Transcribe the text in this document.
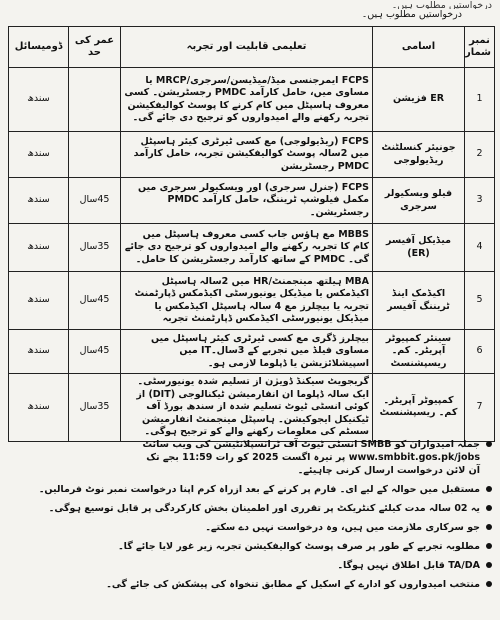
درخواستیں مطلوب ہیں۔
درخواستیں مطلوب ہیں۔
نمبر شمار	اسامی	تعلیمی قابلیت اور تجربہ	عمر کی حد	ڈومیسائل
1	ER فزیشن	FCPS ایمرجنسی میڈ/میڈیسن/سرجری/MRCP یا مساوی میں، حامل کارآمد PMDC رجسٹریشن۔ کسی معروف ہاسپٹل میں کام کرنے کا پوسٹ کوالیفکیشن تجربہ رکھنے والے امیدواروں کو ترجیح دی جائے گی۔		سندھ
2	جونیئر کنسلٹنٹ ریڈیولوجی	FCPS (ریڈیولوجی) مع کسی ٹیرٹری کیئر ہاسپٹل میں 2سالہ پوسٹ کوالیفکیشن تجربہ، حامل کارآمد PMDC رجسٹریشن		سندھ
3	فیلو ویسکیولر سرجری	FCPS (جنرل سرجری) اور ویسکیولر سرجری میں مکمل فیلوشپ ٹریننگ، حامل کارآمد PMDC رجسٹریشن۔	45سال	سندھ
4	میڈیکل آفیسر (ER)	MBBS مع ہاؤس جاب کسی معروف ہاسپٹل میں کام کا تجربہ رکھنے والے امیدواروں کو ترجیح دی جائے گی۔ PMDC کے ساتھ کارآمد رجسٹریشن کا حامل۔	35سال	سندھ
5	اکیڈمک اینڈ ٹریننگ آفیسر	MBA ہیلتھ مینجمنٹ/HR میں 2سالہ ہاسپٹل اکیڈمکس یا میڈیکل یونیورسٹی اکیڈمکس ڈپارٹمنٹ تجربہ یا بیچلرز مع 4 سالہ ہاسپٹل اکیڈمکس یا میڈیکل یونیورسٹی اکیڈمکس ڈپارٹمنٹ تجربہ	45سال	سندھ
6	سینئر کمپیوٹر آپریٹر۔ کم۔ ریسپشنسٹ	بیچلرز ڈگری مع کسی ٹیرٹری کیئر ہاسپٹل میں مساوی فیلڈ میں تجربے کے 3سال۔IT میں اسپیشلائزیشن یا ڈپلوما لازمی ہو۔	45سال	سندھ
7	کمپیوٹر آپریٹر۔ کم۔ ریسپشنسٹ	گریجویٹ سیکنڈ ڈویژن از تسلیم شدہ یونیورسٹی۔ ایک سالہ ڈپلوما ان انفارمیشن ٹیکنالوجی (DIT) از کوئی انسٹی ٹیوٹ تسلیم شدہ از سندھ بورڈ آف ٹیکنیکل ایجوکیشن۔ ہاسپٹل مینجمنٹ انفارمیشن سسٹم کی معلومات رکھنے والے کو ترجیح ہوگی۔	35سال	سندھ
جملہ امیدواران کو SMBB انسٹی ٹیوٹ آف ٹرانسپلانٹیشن کی ویب سائٹ www.smbbit.gos.pk/jobs پر تیرہ اگست 2025 کو رات 11:59 بجے تک
آن لائن درخواست ارسال کرنی چاہیئے۔
مستقبل میں حوالہ کے لیے ای۔ فارم پر کرنے کے بعد ازراہ کرم اپنا درخواست نمبر نوٹ فرمالیں۔
یہ 02 سالہ مدت کیلئے کنٹریکٹ پر تقرری اور اطمینان بخش کارکردگی پر قابل توسیع ہوگی۔
جو سرکاری ملازمت میں ہیں، وہ درخواست نہیں دے سکتے۔
مطلوبہ تجربے کے طور پر صرف پوسٹ کوالیفکیشن تجربہ زیر غور لایا جائے گا۔
TA/DA قابل اطلاق نہیں ہوگا۔
منتخب امیدواروں کو ادارے کے اسکیل کے مطابق تنخواہ کی پیشکش کی جائے گی۔
